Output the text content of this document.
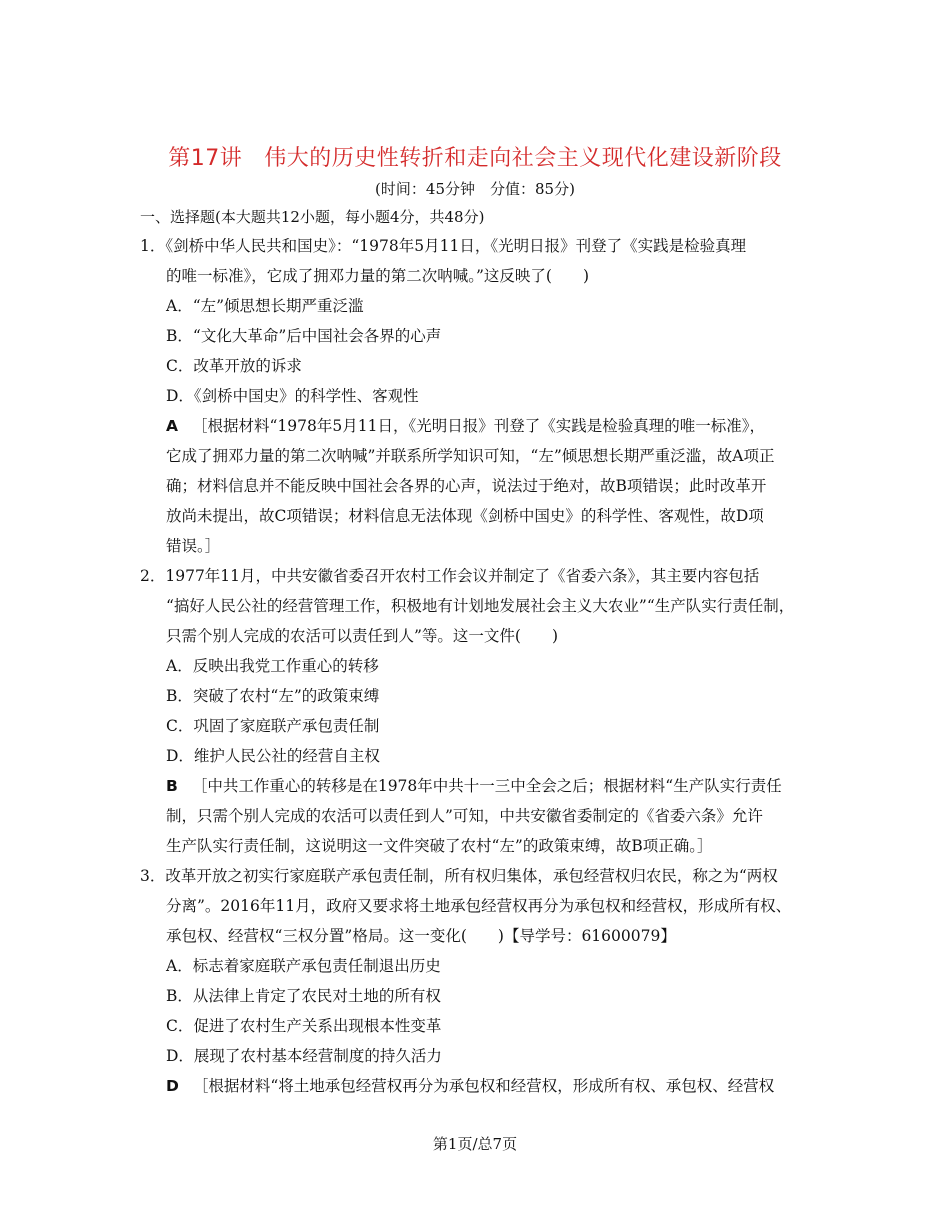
第17讲 伟大的历史性转折和走向社会主义现代化建设新阶段
(时间：45分钟　分值：85分)
一、选择题(本大题共12小题，每小题4分，共48分)
1．《剑桥中华人民共和国史》：“1978年5月11日，《光明日报》刊登了《实践是检验真理
的唯一标准》，它成了拥邓力量的第二次呐喊。”这反映了(　　)
A．“左”倾思想长期严重泛滥
B．“文化大革命”后中国社会各界的心声
C．改革开放的诉求
D．《剑桥中国史》的科学性、客观性
A ［根据材料“1978年5月11日，《光明日报》刊登了《实践是检验真理的唯一标准》，
它成了拥邓力量的第二次呐喊”并联系所学知识可知，“左”倾思想长期严重泛滥，故A项正
确；材料信息并不能反映中国社会各界的心声，说法过于绝对，故B项错误；此时改革开
放尚未提出，故C项错误；材料信息无法体现《剑桥中国史》的科学性、客观性，故D项
错误。］
2．1977年11月，中共安徽省委召开农村工作会议并制定了《省委六条》，其主要内容包括
“搞好人民公社的经营管理工作，积极地有计划地发展社会主义大农业”“生产队实行责任制，
只需个别人完成的农活可以责任到人”等。这一文件(　　)
A．反映出我党工作重心的转移
B．突破了农村“左”的政策束缚
C．巩固了家庭联产承包责任制
D．维护人民公社的经营自主权
B ［中共工作重心的转移是在1978年中共十一三中全会之后；根据材料“生产队实行责任
制，只需个别人完成的农活可以责任到人”可知，中共安徽省委制定的《省委六条》允许
生产队实行责任制，这说明这一文件突破了农村“左”的政策束缚，故B项正确。］
3．改革开放之初实行家庭联产承包责任制，所有权归集体，承包经营权归农民，称之为“两权
分离”。2016年11月，政府又要求将土地承包经营权再分为承包权和经营权，形成所有权、
承包权、经营权“三权分置”格局。这一变化(　　)【导学号：61600079】
A．标志着家庭联产承包责任制退出历史
B．从法律上肯定了农民对土地的所有权
C．促进了农村生产关系出现根本性变革
D．展现了农村基本经营制度的持久活力
D ［根据材料“将土地承包经营权再分为承包权和经营权，形成所有权、承包权、经营权
第1页/总7页
